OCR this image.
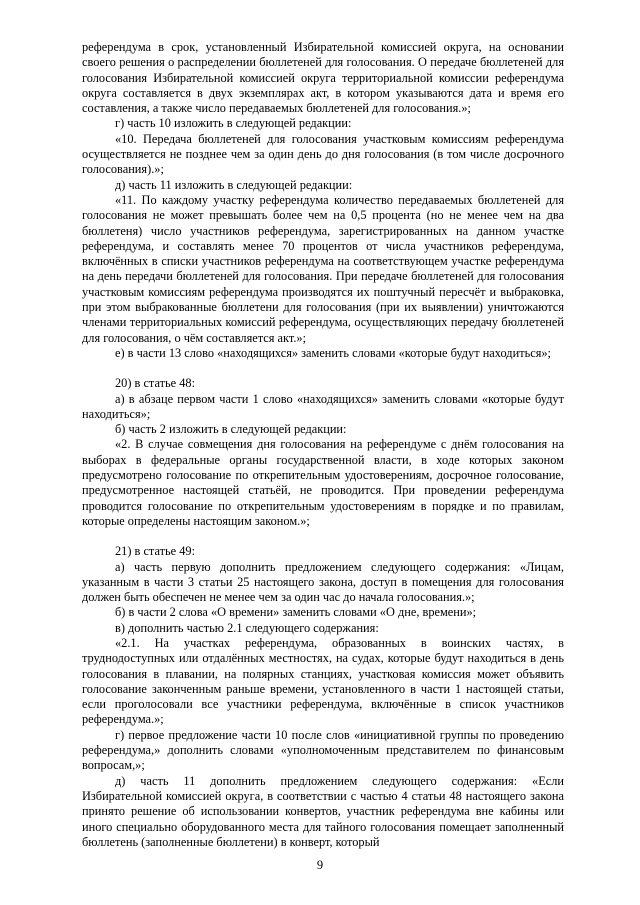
референдума в срок, установленный Избирательной комиссией округа, на основании своего решения о распределении бюллетеней для голосования. О передаче бюллетеней для голосования Избирательной комиссией округа территориальной комиссии референдума округа составляется в двух экземплярах акт, в котором указываются дата и время его составления, а также число передаваемых бюллетеней для голосования.»;

г) часть 10 изложить в следующей редакции:

«10. Передача бюллетеней для голосования участковым комиссиям референдума осуществляется не позднее чем за один день до дня голосования (в том числе досрочного голосования).»;

д) часть 11 изложить в следующей редакции:

«11. По каждому участку референдума количество передаваемых бюллетеней для голосования не может превышать более чем на 0,5 процента (но не менее чем на два бюллетеня) число участников референдума, зарегистрированных на данном участке референдума, и составлять менее 70 процентов от числа участников референдума, включённых в списки участников референдума на соответствующем участке референдума на день передачи бюллетеней для голосования. При передаче бюллетеней для голосования участковым комиссиям референдума производятся их поштучный пересчёт и выбраковка, при этом выбракованные бюллетени для голосования (при их выявлении) уничтожаются членами территориальных комиссий референдума, осуществляющих передачу бюллетеней для голосования, о чём составляется акт.»;

е) в части 13 слово «находящихся» заменить словами «которые будут находиться»;

20) в статье 48:

а) в абзаце первом части 1 слово «находящихся» заменить словами «которые будут находиться»;

б) часть 2 изложить в следующей редакции:

«2. В случае совмещения дня голосования на референдуме с днём голосования на выборах в федеральные органы государственной власти, в ходе которых законом предусмотрено голосование по открепительным удостоверениям, досрочное голосование, предусмотренное настоящей статьёй, не проводится. При проведении референдума проводится голосование по открепительным удостоверениям в порядке и по правилам, которые определены настоящим законом.»;

21) в статье 49:

а) часть первую дополнить предложением следующего содержания: «Лицам, указанным в части 3 статьи 25 настоящего закона, доступ в помещения для голосования должен быть обеспечен не менее чем за один час до начала голосования.»;

б) в части 2 слова «О времени» заменить словами «О дне, времени»;

в) дополнить частью 2.1 следующего содержания:

«2.1. На участках референдума, образованных в воинских частях, в труднодоступных или отдалённых местностях, на судах, которые будут находиться в день голосования в плавании, на полярных станциях, участковая комиссия может объявить голосование законченным раньше времени, установленного в части 1 настоящей статьи, если проголосовали все участники референдума, включённые в список участников референдума.»;

г) первое предложение части 10 после слов «инициативной группы по проведению референдума,» дополнить словами «уполномоченным представителем по финансовым вопросам,»;

д) часть 11 дополнить предложением следующего содержания: «Если Избирательной комиссией округа, в соответствии с частью 4 статьи 48 настоящего закона принято решение об использовании конвертов, участник референдума вне кабины или иного специально оборудованного места для тайного голосования помещает заполненный бюллетень (заполненные бюллетени) в конверт, который

9
